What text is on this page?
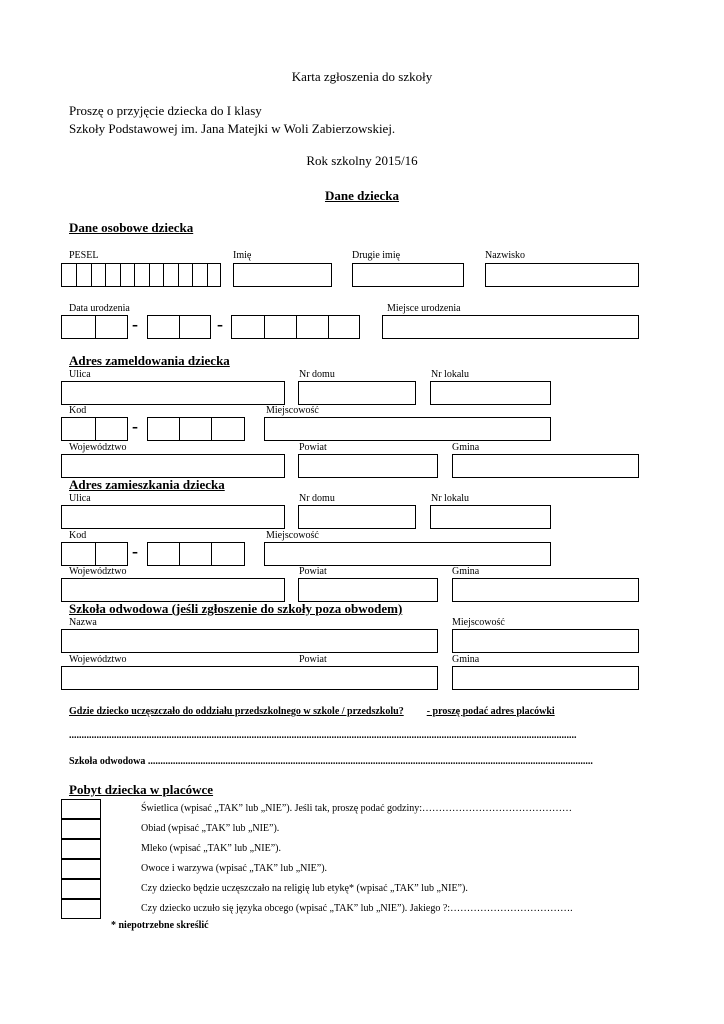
Karta zgłoszenia do szkoły
Proszę o przyjęcie dziecka do I klasy
Szkoły Podstawowej im. Jana Matejki w Woli Zabierzowskiej.
Rok szkolny 2015/16
Dane dziecka
Dane osobowe dziecka
PESEL	Imię	Drugie imię	Nazwisko
Data urodzenia	Miejsce urodzenia
-	-
Adres zameldowania dziecka
Ulica	Nr domu	Nr lokalu
Kod	Miejscowość
-
Województwo	Powiat	Gmina
Adres zamieszkania dziecka
Ulica	Nr domu	Nr lokalu
Kod	Miejscowość
-
Województwo	Powiat	Gmina
Szkoła odwodowa (jeśli zgłoszenie do szkoły poza obwodem)
Nazwa	Miejscowość
Województwo	Powiat	Gmina
Gdzie dziecko uczęszczało do oddziału przedszkolnego w szkole / przedszkolu? - proszę podać adres placówki
...........................................................................................................................................................................................................
Szkoła odwodowa ..................................................................................................................................................................................
Pobyt dziecka w placówce
Świetlica (wpisać „TAK” lub „NIE”). Jeśli tak, proszę podać godziny:………………………………………
Obiad (wpisać „TAK” lub „NIE”).
Mleko (wpisać „TAK” lub „NIE”).
Owoce i warzywa (wpisać „TAK” lub „NIE”).
Czy dziecko będzie uczęszczało na religię lub etykę* (wpisać „TAK” lub „NIE”).
Czy dziecko uczuło się języka obcego (wpisać „TAK” lub „NIE”). Jakiego ?:……………………………….
* niepotrzebne skreślić
